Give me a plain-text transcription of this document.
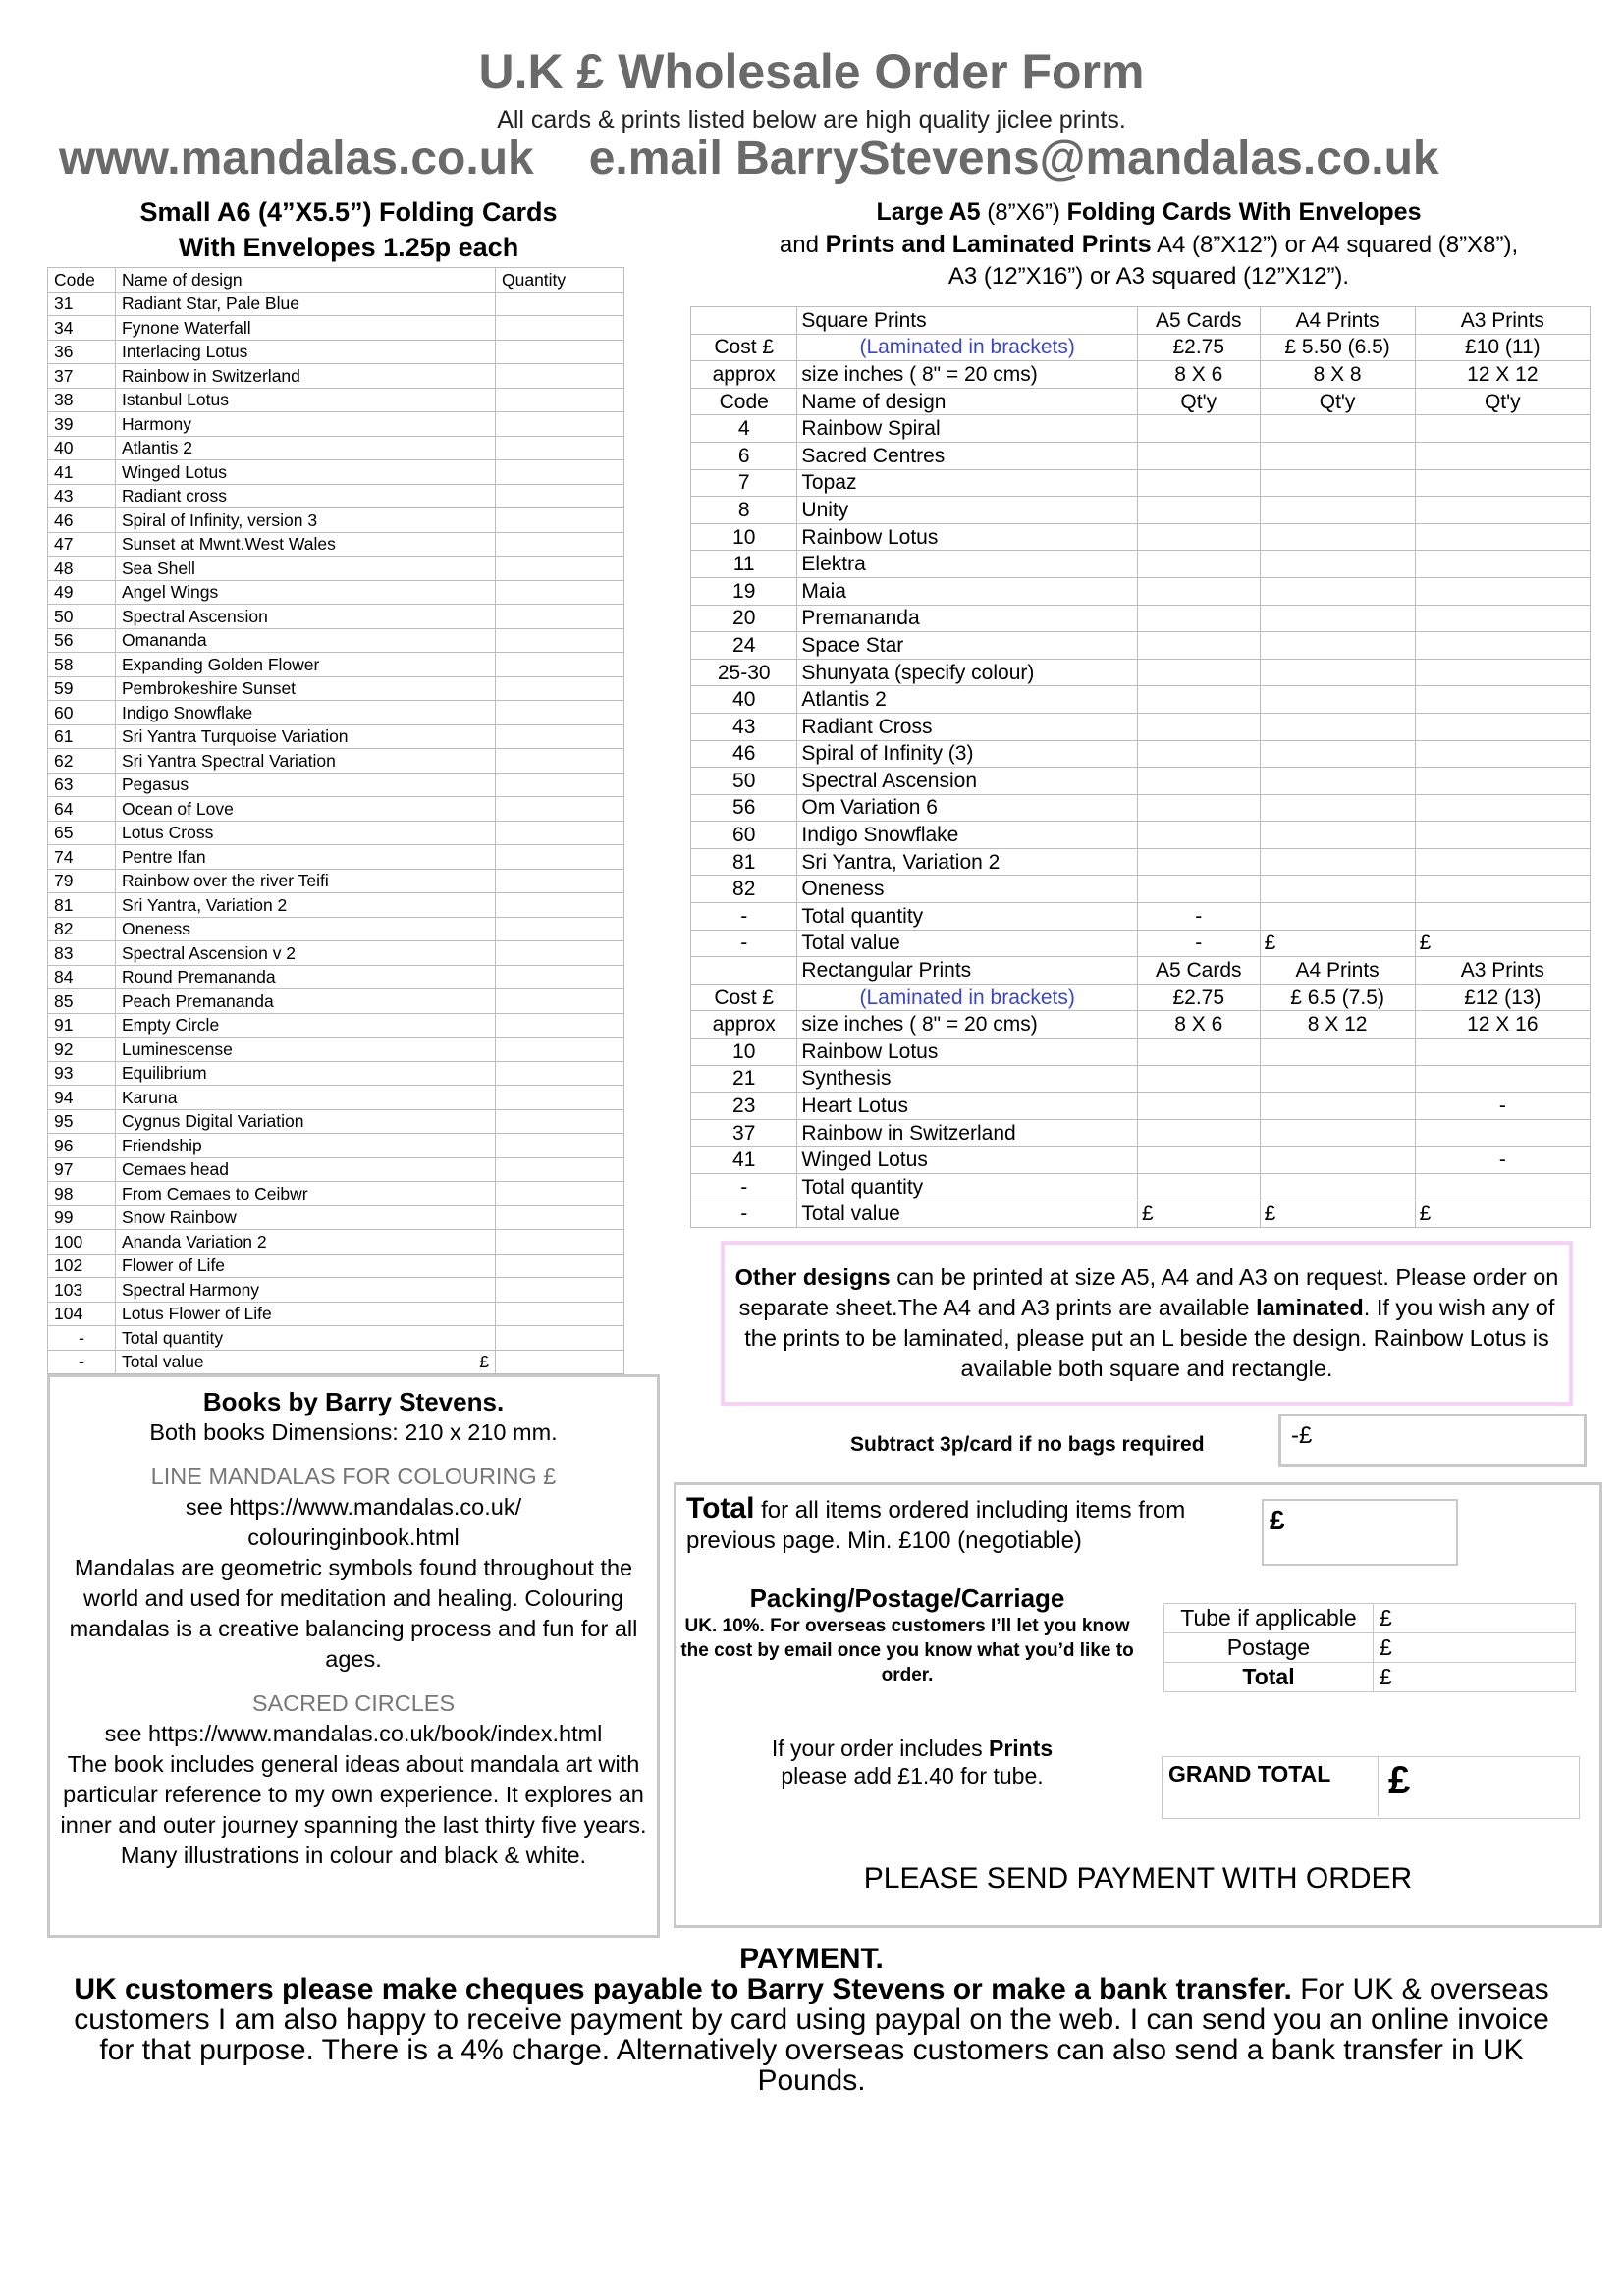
U.K £ Wholesale Order Form
All cards & prints listed below are high quality jiclee prints.
www.mandalas.co.uk e.mail BarryStevens@mandalas.co.uk
Small A6 (4”X5.5”) Folding Cards
With Envelopes 1.25p each
Large A5 (8”X6”) Folding Cards With Envelopes
and Prints and Laminated Prints A4 (8”X12”) or A4 squared (8”X8”),
A3 (12”X16”) or A3 squared (12”X12”).
Code	Name of design	Quantity
31	Radiant Star, Pale Blue	
34	Fynone Waterfall	
36	Interlacing Lotus	
37	Rainbow in Switzerland	
38	Istanbul Lotus	
39	Harmony	
40	Atlantis 2	
41	Winged Lotus	
43	Radiant cross	
46	Spiral of Infinity, version 3	
47	Sunset at Mwnt.West Wales	
48	Sea Shell	
49	Angel Wings	
50	Spectral Ascension	
56	Omananda	
58	Expanding Golden Flower	
59	Pembrokeshire Sunset	
60	Indigo Snowflake	
61	Sri Yantra Turquoise Variation	
62	Sri Yantra Spectral Variation	
63	Pegasus	
64	Ocean of Love	
65	Lotus Cross	
74	Pentre Ifan	
79	Rainbow over the river Teifi	
81	Sri Yantra, Variation 2	
82	Oneness	
83	Spectral Ascension v 2	
84	Round Premananda	
85	Peach Premananda	
91	Empty Circle	
92	Luminescense	
93	Equilibrium	
94	Karuna	
95	Cygnus Digital Variation	
96	Friendship	
97	Cemaes head	
98	From Cemaes to Ceibwr	
99	Snow Rainbow	
100	Ananda Variation 2	
102	Flower of Life	
103	Spectral Harmony	
104	Lotus Flower of Life	
-	Total quantity	
-	Total value £	

	Square Prints	A5 Cards	A4 Prints	A3 Prints
Cost £	(Laminated in brackets)	£2.75	£ 5.50 (6.5)	£10 (11)
approx	size inches ( 8" = 20 cms)	8 X 6	8 X 8	12 X 12
Code	Name of design	Qt'y	Qt'y	Qt'y
4	Rainbow Spiral			
6	Sacred Centres			
7	Topaz			
8	Unity			
10	Rainbow Lotus			
11	Elektra			
19	Maia			
20	Premananda			
24	Space Star			
25-30	Shunyata (specify colour)			
40	Atlantis 2			
43	Radiant Cross			
46	Spiral of Infinity (3)			
50	Spectral Ascension			
56	Om Variation 6			
60	Indigo Snowflake			
81	Sri Yantra, Variation 2			
82	Oneness			
-	Total quantity	-		
-	Total value	-	£	£
	Rectangular Prints	A5 Cards	A4 Prints	A3 Prints
Cost £	(Laminated in brackets)	£2.75	£ 6.5 (7.5)	£12 (13)
approx	size inches ( 8" = 20 cms)	8 X 6	8 X 12	12 X 16
10	Rainbow Lotus			
21	Synthesis			
23	Heart Lotus			-
37	Rainbow in Switzerland			
41	Winged Lotus			-
-	Total quantity			
-	Total value	£	£	£
Books by Barry Stevens.
Both books Dimensions: 210 x 210 mm.
LINE MANDALAS FOR COLOURING £
see https://www.mandalas.co.uk/
colouringinbook.html
Mandalas are geometric symbols found throughout the world and used for meditation and healing. Colouring mandalas is a creative balancing process and fun for all ages.
SACRED CIRCLES
see https://www.mandalas.co.uk/book/index.html
The book includes general ideas about mandala art with particular reference to my own experience. It explores an inner and outer journey spanning the last thirty five years. Many illustrations in colour and black & white.
Other designs can be printed at size A5, A4 and A3 on request. Please order on separate sheet.The A4 and A3 prints are available laminated. If you wish any of the prints to be laminated, please put an L beside the design. Rainbow Lotus is available both square and rectangle.
Subtract 3p/card if no bags required	-£
Total for all items ordered including items from previous page. Min. £100 (negotiable)
£
Packing/Postage/Carriage
UK. 10%. For overseas customers I’ll let you know the cost by email once you know what you’d like to order.
Tube if applicable	£
Postage	£
Total	£
If your order includes Prints
please add £1.40 for tube.	GRAND TOTAL	£
PLEASE SEND PAYMENT WITH ORDER
PAYMENT.
UK customers please make cheques payable to Barry Stevens or make a bank transfer. For UK & overseas customers I am also happy to receive payment by card using paypal on the web. I can send you an online invoice for that purpose. There is a 4% charge. Alternatively overseas customers can also send a bank transfer in UK Pounds.
